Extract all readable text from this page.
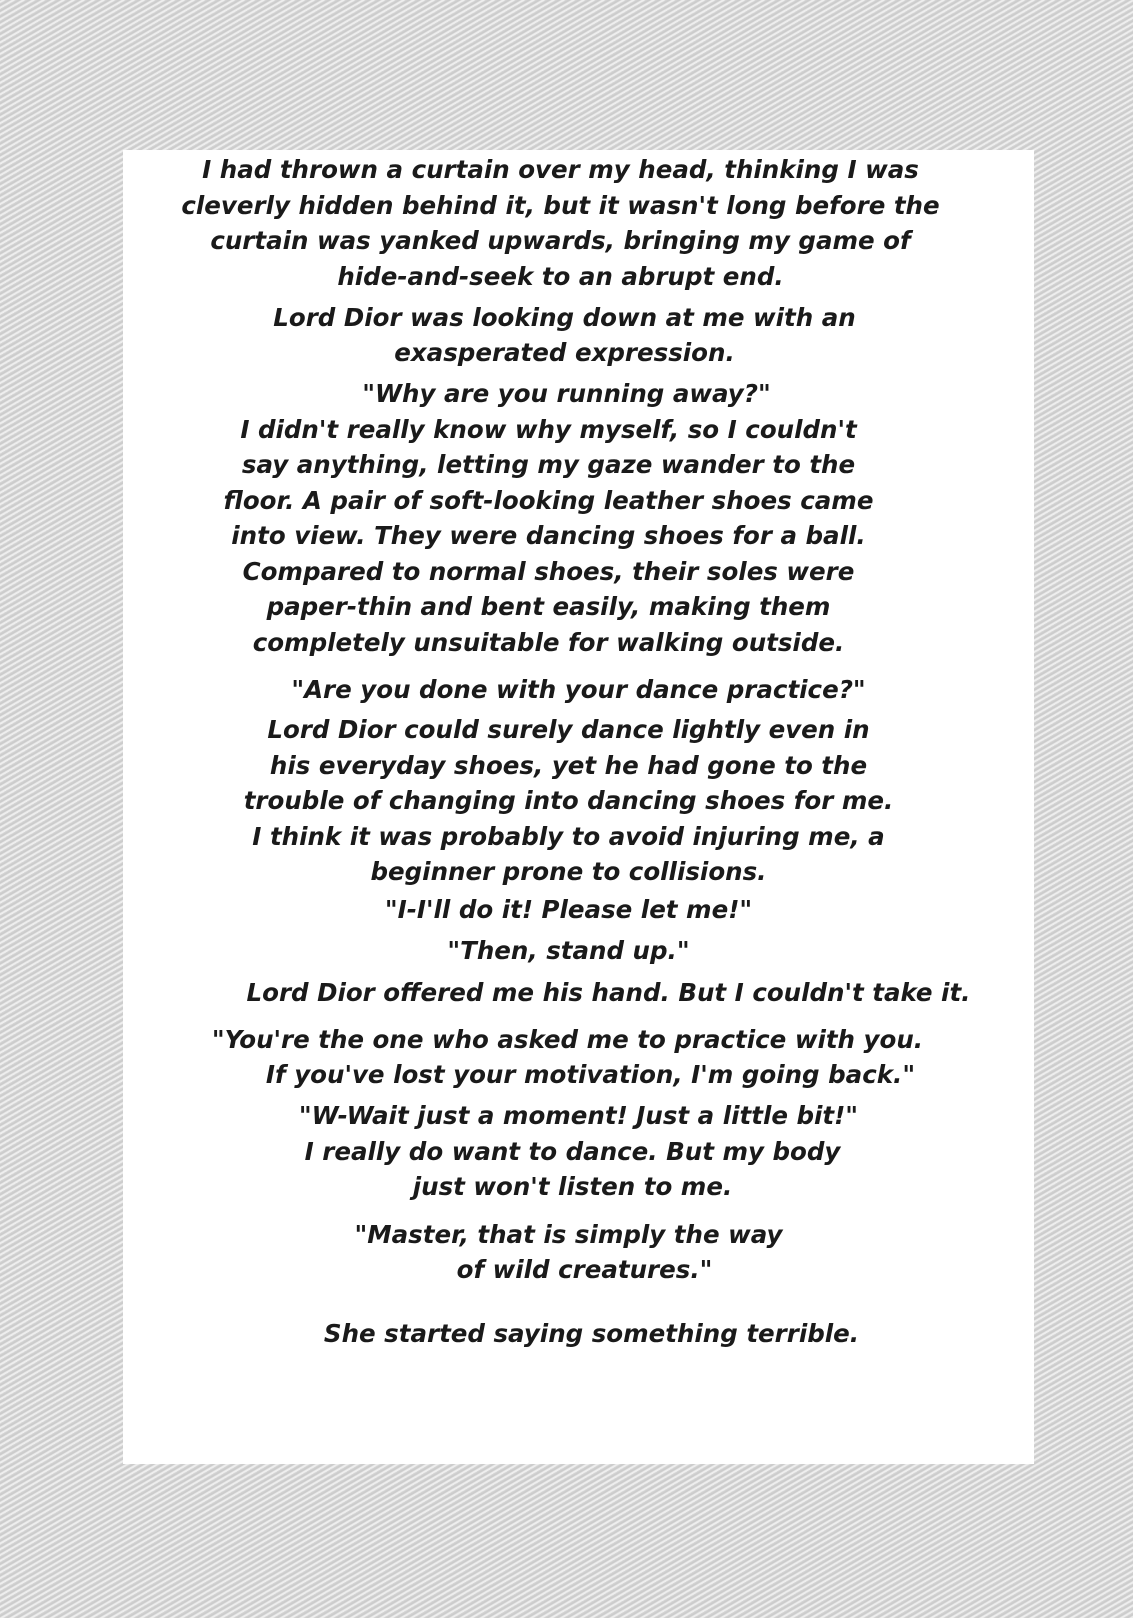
I had thrown a curtain over my head, thinking I was
cleverly hidden behind it, but it wasn't long before the
curtain was yanked upwards, bringing my game of
hide-and-seek to an abrupt end.
Lord Dior was looking down at me with an
exasperated expression.
"Why are you running away?"
I didn't really know why myself, so I couldn't
say anything, letting my gaze wander to the
floor. A pair of soft-looking leather shoes came
into view. They were dancing shoes for a ball.
Compared to normal shoes, their soles were
paper-thin and bent easily, making them
completely unsuitable for walking outside.
"Are you done with your dance practice?"
Lord Dior could surely dance lightly even in
his everyday shoes, yet he had gone to the
trouble of changing into dancing shoes for me.
I think it was probably to avoid injuring me, a
beginner prone to collisions.
"I-I'll do it! Please let me!"
"Then, stand up."
Lord Dior offered me his hand. But I couldn't take it.
"You're the one who asked me to practice with you.
If you've lost your motivation, I'm going back."
"W-Wait just a moment! Just a little bit!"
I really do want to dance. But my body
just won't listen to me.
"Master, that is simply the way
of wild creatures."
She started saying something terrible.
